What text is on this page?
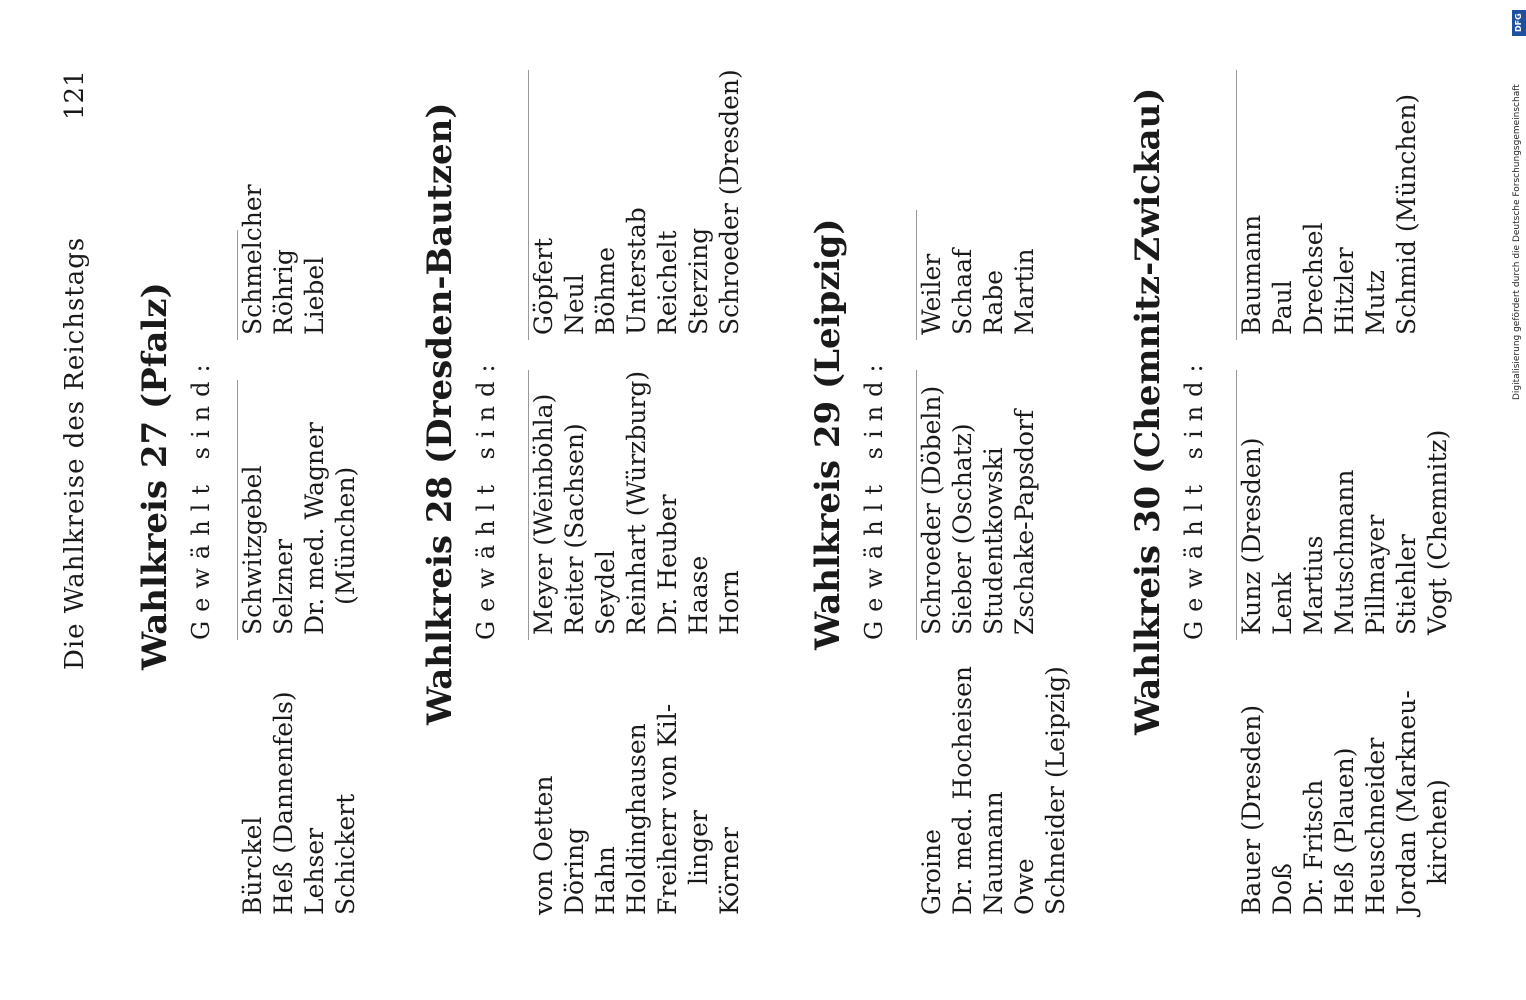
Die Wahlkreise des Reichstags
121
Wahlkreis 27 (Pfalz) Gewählt sind:
Bürckel Heß (Dannenfels) Lehser Schickert
Schwitzgebel Selzner Dr. med. Wagner (München)
Schmelcher Röhrig Liebel	Wahlkreis 28 (Dresden-Bautzen) Gewählt sind:
von Oetten Döring Hahn Holdinghausen Freiherr von Kil- linger Körner
Meyer (Weinböhla) Reiter (Sachsen) Seydel Reinhart (Würzburg) Dr. Heuber Haase Horn
Göpfert Neul Böhme Unterstab Reichelt Sterzing Schroeder (Dresden)
Wahlkreis 29 (Leipzig) Gewählt sind:
Groine Dr. med. Hocheisen Naumann Owe Schneider (Leipzig)
Schroeder (Döbeln) Sieber (Oschatz) Studentkowski Zschake-Papsdorf
Weiler Schaaf Rabe Martin	Wahlkreis 30 (Chemnitz-Zwickau) Gewählt sind:
Bauer (Dresden) Doß Dr. Fritsch Heß (Plauen) Heuschneider Jordan (Markneu- kirchen)
Kunz (Dresden) Lenk Martius Mutschmann Pillmayer Stiehler Vogt (Chemnitz)
Baumann Paul Drechsel Hitzler Mutz Schmid (München)
DFG
Digitalisierung gefördert durch die Deutsche Forschungsgemeinschaft
